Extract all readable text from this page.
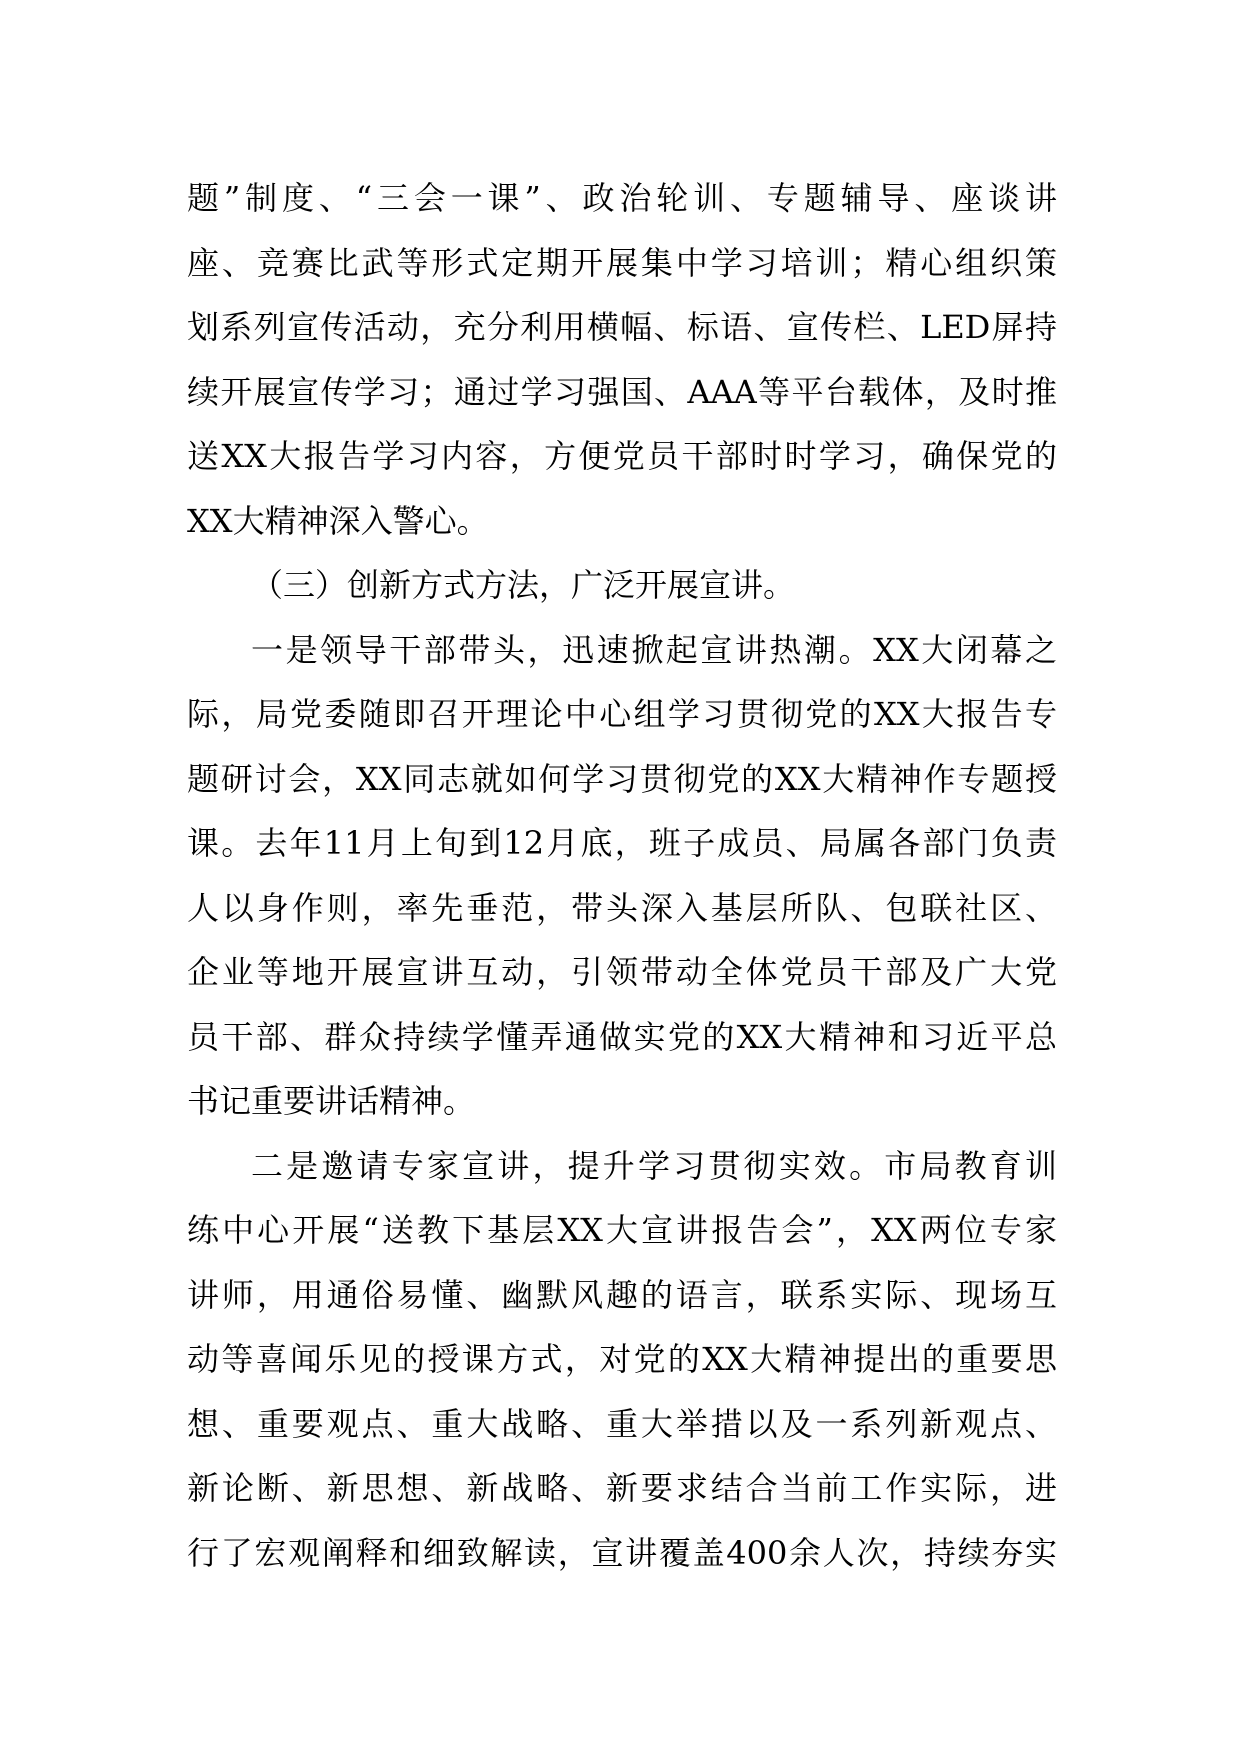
题”制度、“三会一课”、政治轮训、专题辅导、座谈讲
座、竞赛比武等形式定期开展集中学习培训；精心组织策
划系列宣传活动，充分利用横幅、标语、宣传栏、LED屏持
续开展宣传学习；通过学习强国、AAA等平台载体，及时推
送XX大报告学习内容，方便党员干部时时学习，确保党的
XX大精神深入警心。
（三）创新方式方法，广泛开展宣讲。
一是领导干部带头，迅速掀起宣讲热潮。XX大闭幕之
际，局党委随即召开理论中心组学习贯彻党的XX大报告专
题研讨会，XX同志就如何学习贯彻党的XX大精神作专题授
课。去年11月上旬到12月底，班子成员、局属各部门负责
人以身作则，率先垂范，带头深入基层所队、包联社区、
企业等地开展宣讲互动，引领带动全体党员干部及广大党
员干部、群众持续学懂弄通做实党的XX大精神和习近平总
书记重要讲话精神。
二是邀请专家宣讲，提升学习贯彻实效。市局教育训
练中心开展“送教下基层XX大宣讲报告会”，XX两位专家
讲师，用通俗易懂、幽默风趣的语言，联系实际、现场互
动等喜闻乐见的授课方式，对党的XX大精神提出的重要思
想、重要观点、重大战略、重大举措以及一系列新观点、
新论断、新思想、新战略、新要求结合当前工作实际，进
行了宏观阐释和细致解读，宣讲覆盖400余人次，持续夯实
